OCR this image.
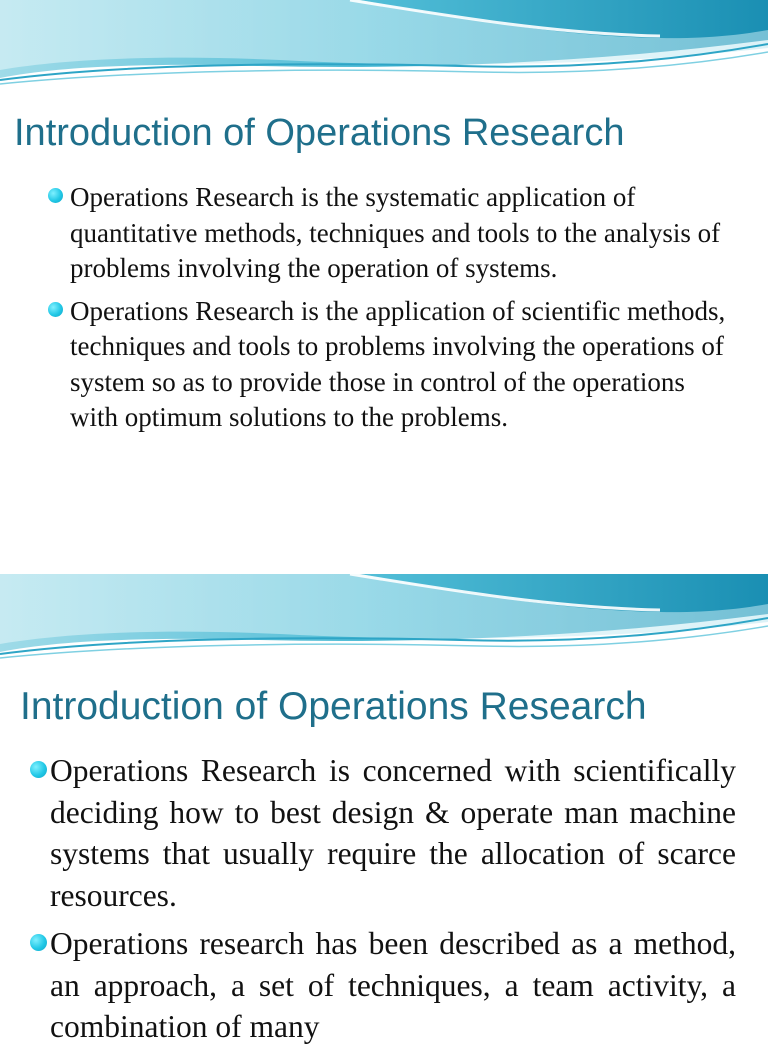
Introduction of Operations Research
Operations Research is the systematic application of quantitative methods, techniques and tools to the analysis of problems involving the operation of systems.
Operations Research is the application of scientific methods, techniques and tools to problems involving the operations of system so as to provide those in control of the operations with optimum solutions to the problems.
Introduction of Operations Research
Operations Research is concerned with scientifically deciding how to best design & operate man machine systems that usually require the allocation of scarce resources.
Operations research has been described as a method, an approach, a set of techniques, a team activity, a combination of many
